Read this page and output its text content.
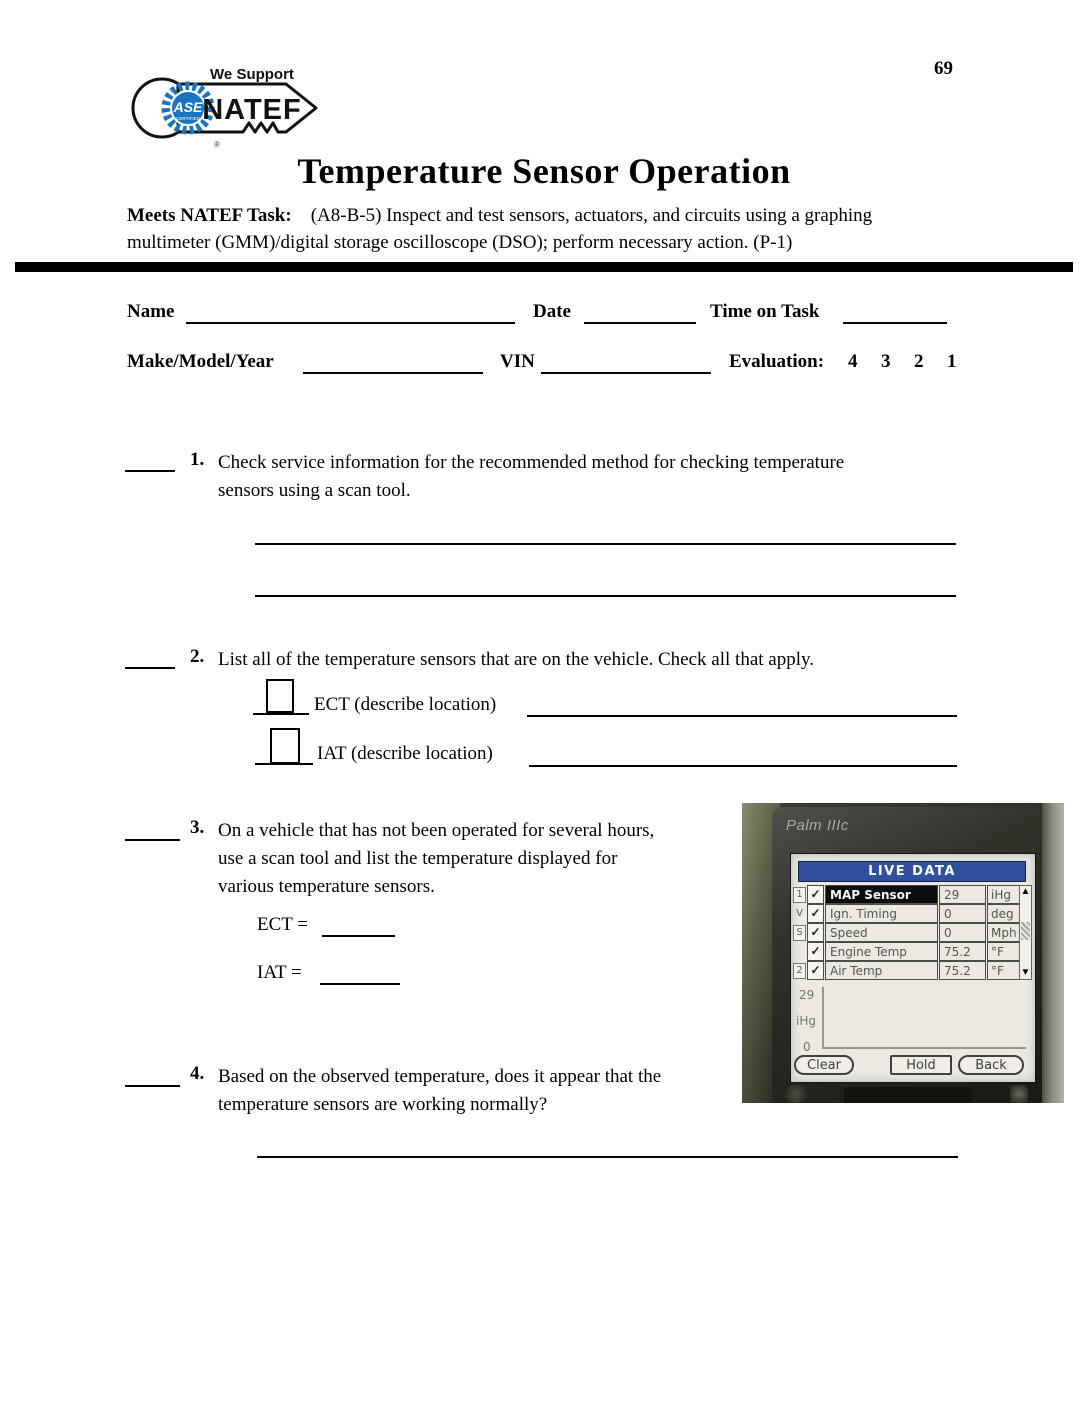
ASE
CERTIFIED
We Support
NATEF
®
69
Temperature Sensor Operation
Meets NATEF Task: (A8-B-5) Inspect and test sensors, actuators, and circuits using a graphing
multimeter (GMM)/digital storage oscilloscope (DSO); perform necessary action. (P-1)
Name	Date	Time on Task
Make/Model/Year	VIN	Evaluation: 4 3 2 1
1. Check service information for the recommended method for checking temperature
sensors using a scan tool.
2. List all of the temperature sensors that are on the vehicle. Check all that apply.
ECT (describe location)
IAT (describe location)
3. On a vehicle that has not been operated for several hours,
use a scan tool and list the temperature displayed for
various temperature sensors.
ECT =
IAT =
4. Based on the observed temperature, does it appear that the
temperature sensors are working normally?
Palm IIIc
LIVE DATA
1 ✓ MAP Sensor	29	iHg
V ✓ Ign. Timing	0	deg
S ✓ Speed	0	Mph
✓ Engine Temp	75.2	°F
2 ✓ Air Temp	75.2	°F
▲
▼
29
iHg
0
Clear	Hold	Back
